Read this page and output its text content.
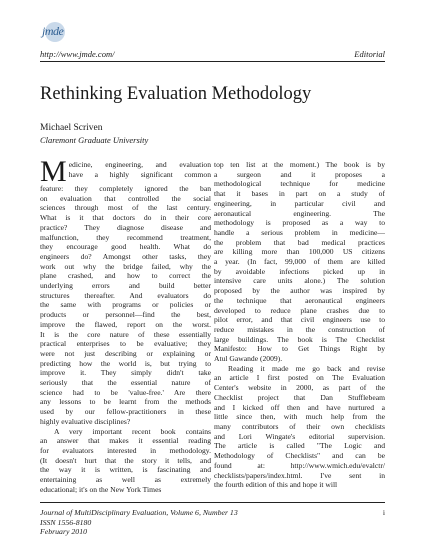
jmde
http://www.jmde.com/	Editorial
Rethinking Evaluation Methodology
Michael Scriven
Claremont Graduate University
M edicine, engineering, and evaluation
have a highly significant common
feature: they completely ignored the ban
on evaluation that controlled the social
sciences through most of the last century.
What is it that doctors do in their core
practice? They diagnose disease and
malfunction, they recommend treatment,
they encourage good health. What do
engineers do? Amongst other tasks, they
work out why the bridge failed, why the
plane crashed, and how to correct the
underlying errors and build better
structures thereafter. And evaluators do
the same with programs or policies or
products or personnel—find the best,
improve the flawed, report on the worst.
It is the core nature of these essentially
practical enterprises to be evaluative; they
were not just describing or explaining or
predicting how the world is, but trying to
improve it. They simply didn't take
seriously that the essential nature of
science had to be 'value-free.' Are there
any lessons to be learnt from the methods
used by our fellow-practitioners in these
highly evaluative disciplines?
A very important recent book contains
an answer that makes it essential reading
for evaluators interested in methodology.
(It doesn't hurt that the story it tells, and
the way it is written, is fascinating and
entertaining as well as extremely
educational; it's on the New York Times
top ten list at the moment.) The book is by
a surgeon and it proposes a
methodological technique for medicine
that it bases in part on a study of
engineering, in particular civil and
aeronautical engineering. The
methodology is proposed as a way to
handle a serious problem in medicine—
the problem that bad medical practices
are killing more than 100,000 US citizens
a year. (In fact, 99,000 of them are killed
by avoidable infections picked up in
intensive care units alone.) The solution
proposed by the author was inspired by
the technique that aeronautical engineers
developed to reduce plane crashes due to
pilot error, and that civil engineers use to
reduce mistakes in the construction of
large buildings. The book is The Checklist
Manifesto: How to Get Things Right by
Atul Gawande (2009).
Reading it made me go back and revise
an article I first posted on The Evaluation
Center's website in 2000, as part of the
Checklist project that Dan Stufflebeam
and I kicked off then and have nurtured a
little since then, with much help from the
many contributors of their own checklists
and Lori Wingate's editorial supervision.
The article is called "The Logic and
Methodology of Checklists" and can be
found at: http://www.wmich.edu/evalctr/
checklists/papers/index.html. I've sent in
the fourth edition of this and hope it will
Journal of MultiDisciplinary Evaluation, Volume 6, Number 13
ISSN 1556-8180
February 2010
i
